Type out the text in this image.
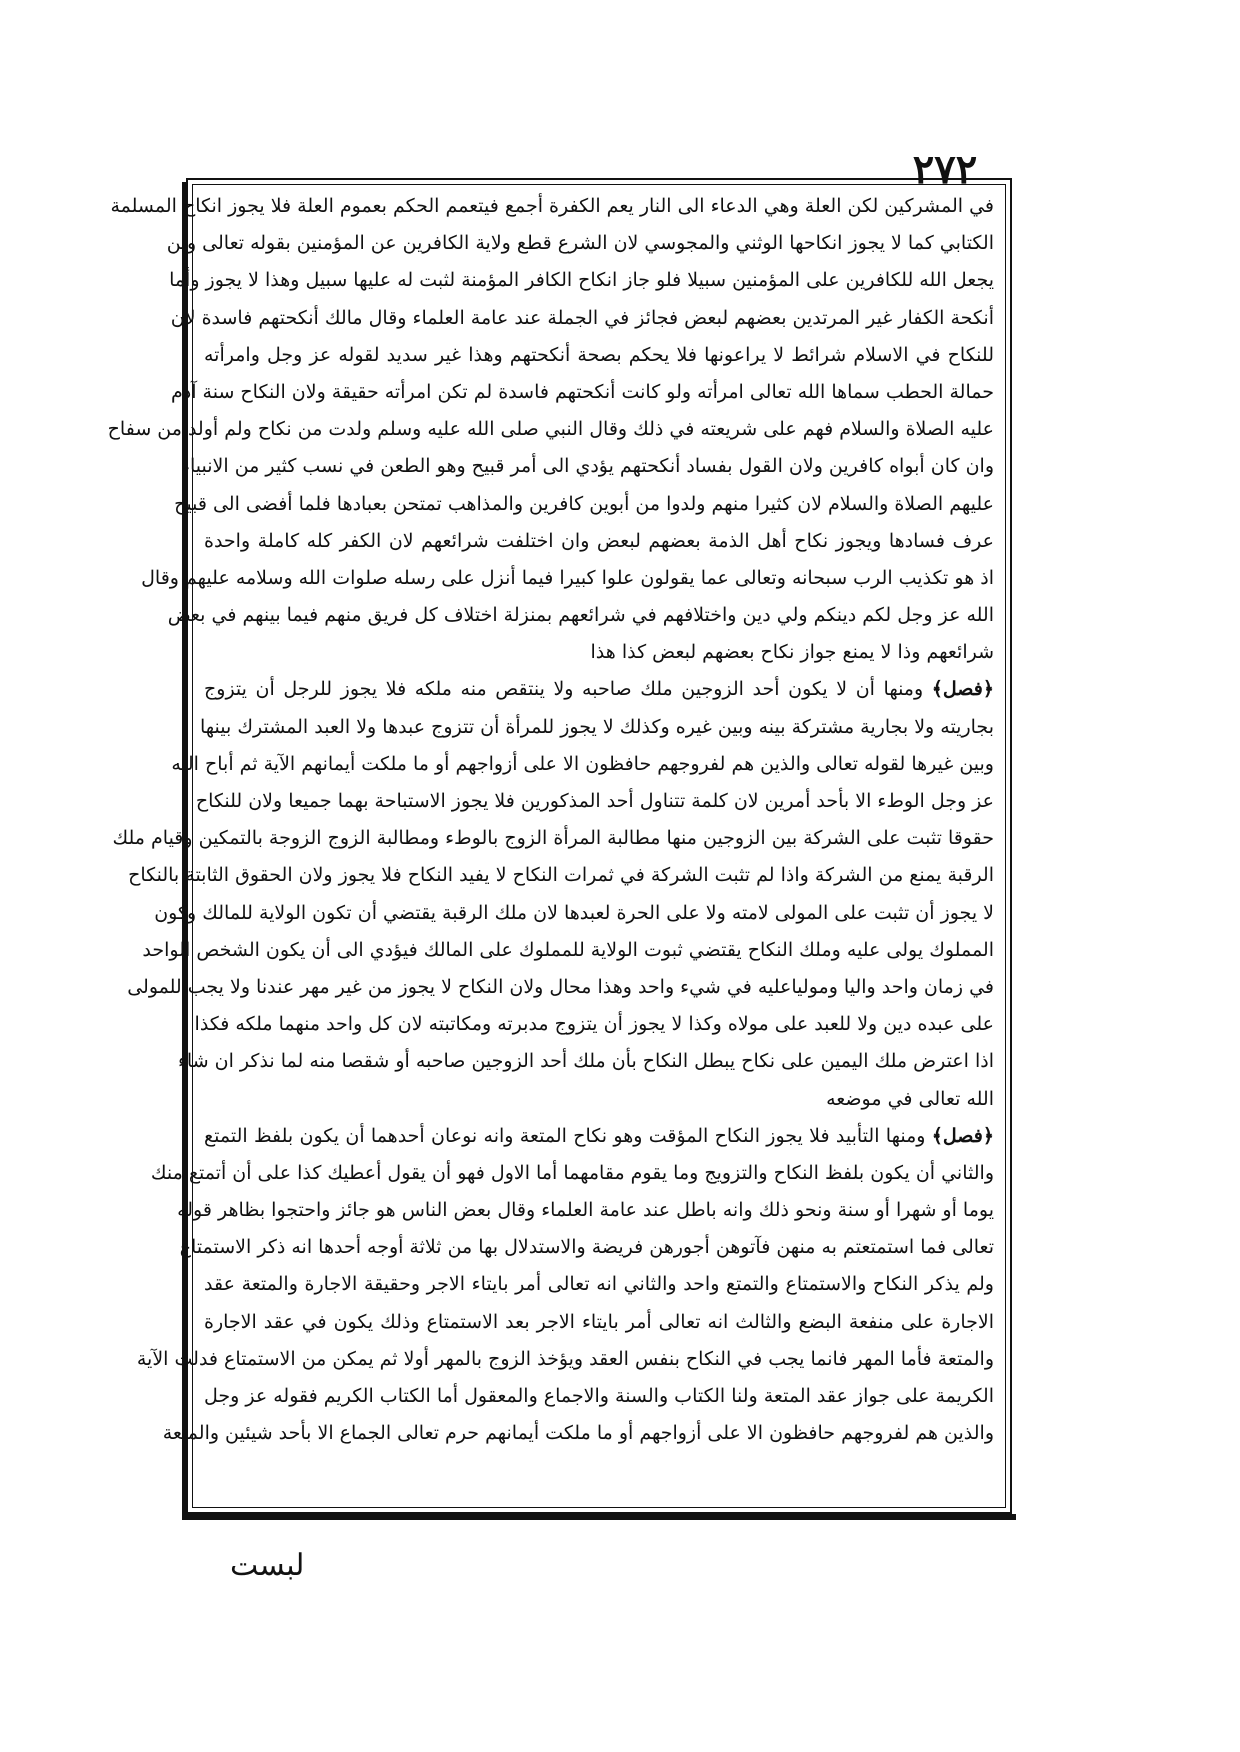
٢٧٢
في المشركين لكن العلة وهي الدعاء الى النار يعم الكفرة أجمع فيتعمم الحكم بعموم العلة فلا يجوز انكاح المسلمة
الكتابي كما لا يجوز انكاحها الوثني والمجوسي لان الشرع قطع ولاية الكافرين عن المؤمنين بقوله تعالى ولن
يجعل الله للكافرين على المؤمنين سبيلا فلو جاز انكاح الكافر المؤمنة لثبت له عليها سبيل وهذا لا يجوز وأما
أنكحة الكفار غير المرتدين بعضهم لبعض فجائز في الجملة عند عامة العلماء وقال مالك أنكحتهم فاسدة لان
للنكاح في الاسلام شرائط لا يراعونها فلا يحكم بصحة أنكحتهم وهذا غير سديد لقوله عز وجل وامرأته
حمالة الحطب سماها الله تعالى امرأته ولو كانت أنكحتهم فاسدة لم تكن امرأته حقيقة ولان النكاح سنة آدم
عليه الصلاة والسلام فهم على شريعته في ذلك وقال النبي صلى الله عليه وسلم ولدت من نكاح ولم أولد من سفاح
وان كان أبواه كافرين ولان القول بفساد أنكحتهم يؤدي الى أمر قبيح وهو الطعن في نسب كثير من الانبياء
عليهم الصلاة والسلام لان كثيرا منهم ولدوا من أبوين كافرين والمذاهب تمتحن بعبادها فلما أفضى الى قبيح
عرف فسادها ويجوز نكاح أهل الذمة بعضهم لبعض وان اختلفت شرائعهم لان الكفر كله كاملة واحدة
اذ هو تكذيب الرب سبحانه وتعالى عما يقولون علوا كبيرا فيما أنزل على رسله صلوات الله وسلامه عليهم وقال
الله عز وجل لكم دينكم ولي دين واختلافهم في شرائعهم بمنزلة اختلاف كل فريق منهم فيما بينهم في بعض
شرائعهم وذا لا يمنع جواز نكاح بعضهم لبعض كذا هذا
﴿فصل﴾ ومنها أن لا يكون أحد الزوجين ملك صاحبه ولا ينتقص منه ملكه فلا يجوز للرجل أن يتزوج
بجاريته ولا بجارية مشتركة بينه وبين غيره وكذلك لا يجوز للمرأة أن تتزوج عبدها ولا العبد المشترك بينها
وبين غيرها لقوله تعالى والذين هم لفروجهم حافظون الا على أزواجهم أو ما ملكت أيمانهم الآية ثم أباح الله
عز وجل الوطء الا بأحد أمرين لان كلمة تتناول أحد المذكورين فلا يجوز الاستباحة بهما جميعا ولان للنكاح
حقوقا تثبت على الشركة بين الزوجين منها مطالبة المرأة الزوج بالوطء ومطالبة الزوج الزوجة بالتمكين وقيام ملك
الرقبة يمنع من الشركة واذا لم تثبت الشركة في ثمرات النكاح لا يفيد النكاح فلا يجوز ولان الحقوق الثابتة بالنكاح
لا يجوز أن تثبت على المولى لامته ولا على الحرة لعبدها لان ملك الرقبة يقتضي أن تكون الولاية للمالك وكون
المملوك يولى عليه وملك النكاح يقتضي ثبوت الولاية للمملوك على المالك فيؤدي الى أن يكون الشخص الواحد
في زمان واحد واليا ومولياعليه في شيء واحد وهذا محال ولان النكاح لا يجوز من غير مهر عندنا ولا يجب للمولى
على عبده دين ولا للعبد على مولاه وكذا لا يجوز أن يتزوج مدبرته ومكاتبته لان كل واحد منهما ملكه فكذا
اذا اعترض ملك اليمين على نكاح يبطل النكاح بأن ملك أحد الزوجين صاحبه أو شقصا منه لما نذكر ان شاء
الله تعالى في موضعه
﴿فصل﴾ ومنها التأبيد فلا يجوز النكاح المؤقت وهو نكاح المتعة وانه نوعان أحدهما أن يكون بلفظ التمتع
والثاني أن يكون بلفظ النكاح والتزويج وما يقوم مقامهما أما الاول فهو أن يقول أعطيك كذا على أن أتمتع منك
يوما أو شهرا أو سنة ونحو ذلك وانه باطل عند عامة العلماء وقال بعض الناس هو جائز واحتجوا بظاهر قوله
تعالى فما استمتعتم به منهن فآتوهن أجورهن فريضة والاستدلال بها من ثلاثة أوجه أحدها انه ذكر الاستمتاع
ولم يذكر النكاح والاستمتاع والتمتع واحد والثاني انه تعالى أمر بايتاء الاجر وحقيقة الاجارة والمتعة عقد
الاجارة على منفعة البضع والثالث انه تعالى أمر بايتاء الاجر بعد الاستمتاع وذلك يكون في عقد الاجارة
والمتعة فأما المهر فانما يجب في النكاح بنفس العقد ويؤخذ الزوج بالمهر أولا ثم يمكن من الاستمتاع فدلت الآية
الكريمة على جواز عقد المتعة ولنا الكتاب والسنة والاجماع والمعقول أما الكتاب الكريم فقوله عز وجل
والذين هم لفروجهم حافظون الا على أزواجهم أو ما ملكت أيمانهم حرم تعالى الجماع الا بأحد شيئين والمتعة
لبست
